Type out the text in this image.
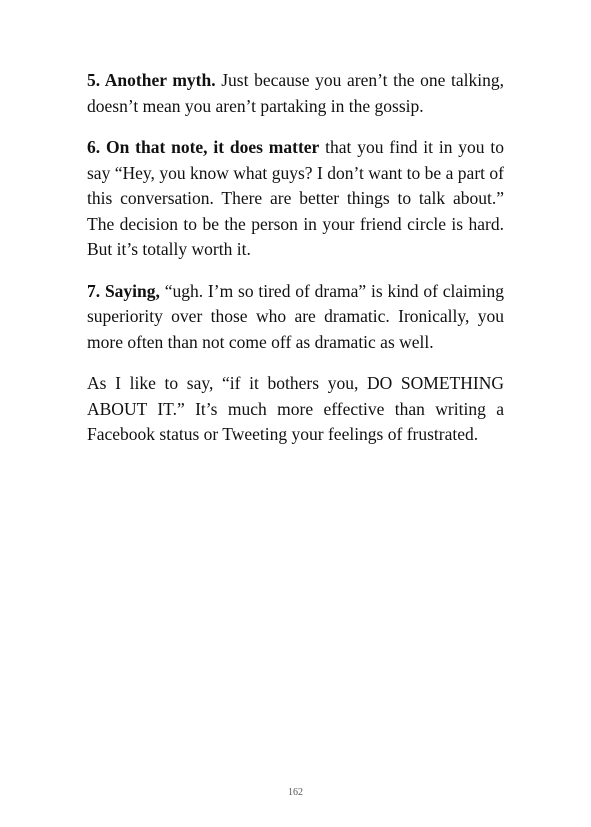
5. Another myth. Just because you aren’t the one talking, doesn’t mean you aren’t partaking in the gossip.

6. On that note, it does matter that you find it in you to say “Hey, you know what guys? I don’t want to be a part of this conversation. There are better things to talk about.” The decision to be the person in your friend circle is hard. But it’s totally worth it.

7. Saying, “ugh. I’m so tired of drama” is kind of claiming superiority over those who are dramatic. Ironically, you more often than not come off as dramatic as well.

As I like to say, “if it bothers you, DO SOMETHING ABOUT IT.” It’s much more effective than writing a Facebook status or Tweeting your feelings of frustrated.

162
